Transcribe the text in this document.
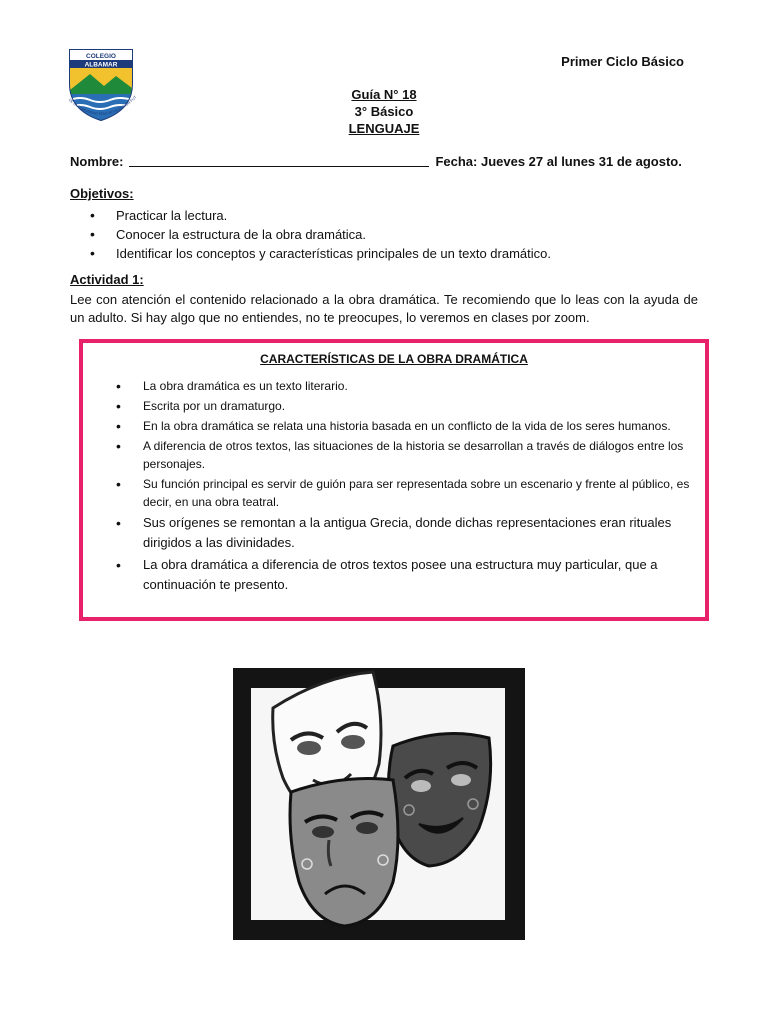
COLEGIO
ALBAMAR
DE LA COMUNIDAD EDUCATIVA POR UN FUT
Primer Ciclo Básico
Guía N° 18
3° Básico
LENGUAJE
Nombre:	Fecha: Jueves 27 al lunes 31 de agosto.
Objetivos:
• Practicar la lectura.
• Conocer la estructura de la obra dramática.
• Identificar los conceptos y características principales de un texto dramático.
Actividad 1:
Lee con atención el contenido relacionado a la obra dramática. Te recomiendo que lo leas con la ayuda de un adulto. Si hay algo que no entiendes, no te preocupes, lo veremos en clases por zoom.
CARACTERÍSTICAS DE LA OBRA DRAMÁTICA
• La obra dramática es un texto literario.
• Escrita por un dramaturgo.
• En la obra dramática se relata una historia basada en un conflicto de la vida de los seres humanos.
• A diferencia de otros textos, las situaciones de la historia se desarrollan a través de diálogos entre los personajes.
• Su función principal es servir de guión para ser representada sobre un escenario y frente al público, es decir, en una obra teatral.
• Sus orígenes se remontan a la antigua Grecia, donde dichas representaciones eran rituales dirigidos a las divinidades.
• La obra dramática a diferencia de otros textos posee una estructura muy particular, que a continuación te presento.
